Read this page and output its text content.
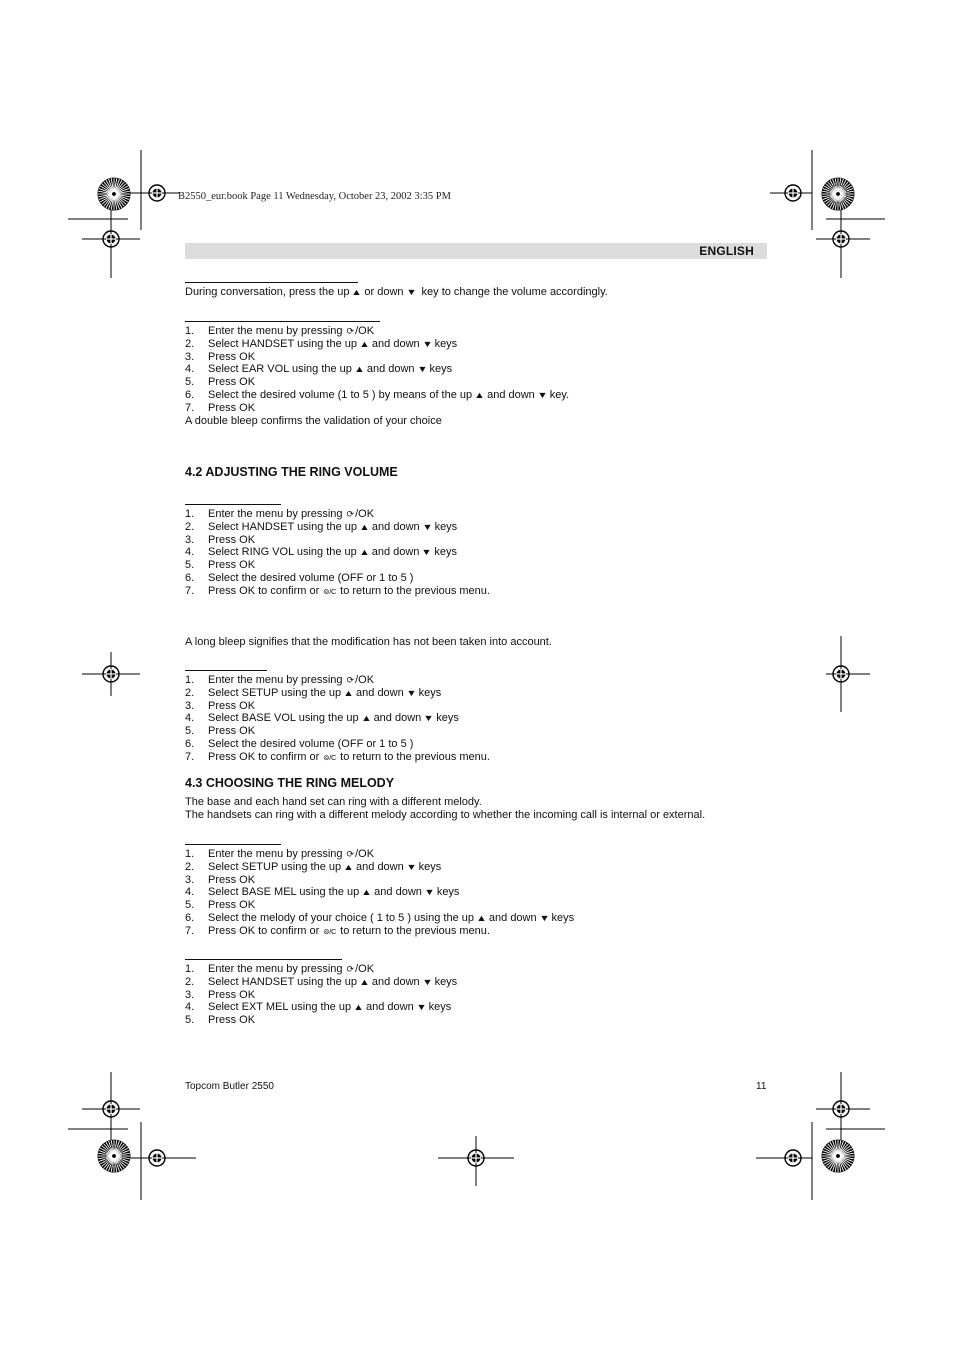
B2550_eur.book Page 11 Wednesday, October 23, 2002 3:35 PM
ENGLISH
During conversation, press the up ▲ or down ▼ key to change the volume accordingly.
1. Enter the menu by pressing ⟳/OK
2. Select HANDSET using the up ▲ and down ▼ keys
3. Press OK
4. Select EAR VOL using the up ▲ and down ▼ keys
5. Press OK
6. Select the desired volume (1 to 5 ) by means of the up ▲ and down ▼ key.
7. Press OK
A double bleep confirms the validation of your choice
4.2 ADJUSTING THE RING VOLUME
1. Enter the menu by pressing ⟳/OK
2. Select HANDSET using the up ▲ and down ▼ keys
3. Press OK
4. Select RING VOL using the up ▲ and down ▼ keys
5. Press OK
6. Select the desired volume (OFF or 1 to 5 )
7. Press OK to confirm or ⊚/C to return to the previous menu.
A long bleep signifies that the modification has not been taken into account.
1. Enter the menu by pressing ⟳/OK
2. Select SETUP using the up ▲ and down ▼ keys
3. Press OK
4. Select BASE VOL using the up ▲ and down ▼ keys
5. Press OK
6. Select the desired volume (OFF or 1 to 5 )
7. Press OK to confirm or ⊚/C to return to the previous menu.
4.3 CHOOSING THE RING MELODY
The base and each hand set can ring with a different melody.
The handsets can ring with a different melody according to whether the incoming call is internal or external.
1. Enter the menu by pressing ⟳/OK
2. Select SETUP using the up ▲ and down ▼ keys
3. Press OK
4. Select BASE MEL using the up ▲ and down ▼ keys
5. Press OK
6. Select the melody of your choice ( 1 to 5 ) using the up ▲ and down ▼ keys
7. Press OK to confirm or ⊚/C to return to the previous menu.
1. Enter the menu by pressing ⟳/OK
2. Select HANDSET using the up ▲ and down ▼ keys
3. Press OK
4. Select EXT MEL using the up ▲ and down ▼ keys
5. Press OK
Topcom Butler 2550	11
